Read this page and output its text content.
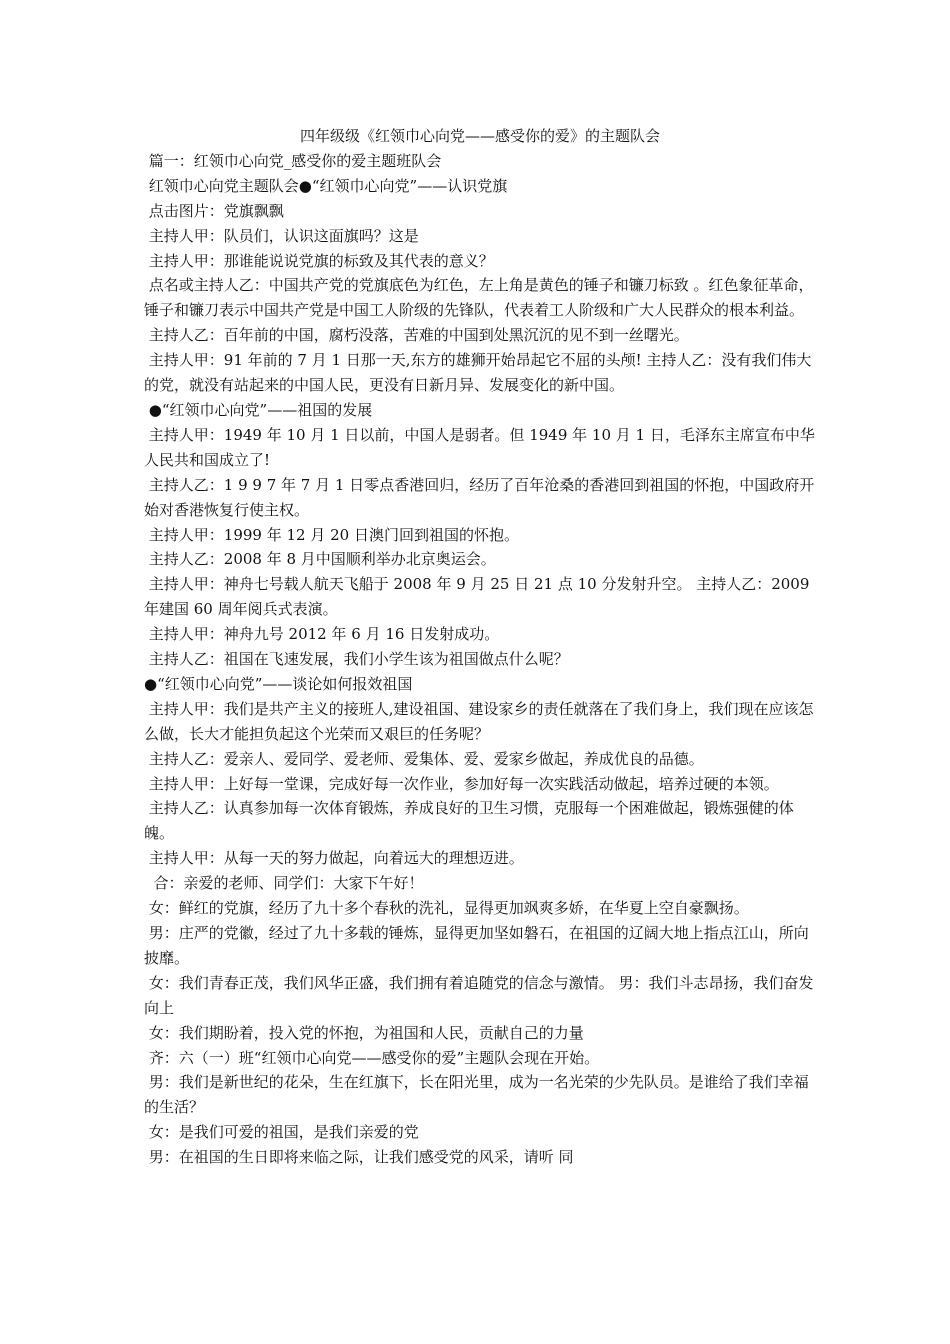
四年级级《红领巾心向党——感受你的爱》的主题队会

篇一：红领巾心向党_感受你的爱主题班队会

红领巾心向党主题队会●“红领巾心向党”——认识党旗

点击图片：党旗飘飘

主持人甲：队员们，认识这面旗吗？这是

主持人甲：那谁能说说党旗的标致及其代表的意义？

点名或主持人乙：中国共产党的党旗底色为红色，左上角是黄色的锤子和镰刀标致 。红色象征革命，锤子和镰刀表示中国共产党是中国工人阶级的先锋队，代表着工人阶级和广大人民群众的根本利益。

主持人乙：百年前的中国，腐朽没落，苦难的中国到处黑沉沉的见不到一丝曙光。

主持人甲：91 年前的 7 月 1 日那一天,东方的雄狮开始昂起它不屈的头颅! 主持人乙：没有我们伟大的党，就没有站起来的中国人民，更没有日新月异、发展变化的新中国。

●“红领巾心向党”——祖国的发展

主持人甲：1949 年 10 月 1 日以前，中国人是弱者。但 1949 年 10 月 1 日，毛泽东主席宣布中华人民共和国成立了!

主持人乙：1 9 9 7 年 7 月 1 日零点香港回归，经历了百年沧桑的香港回到祖国的怀抱，中国政府开始对香港恢复行使主权。

主持人甲：1999 年 12 月 20 日澳门回到祖国的怀抱。

主持人乙：2008 年 8 月中国顺利举办北京奥运会。

主持人甲：神舟七号载人航天飞船于 2008 年 9 月 25 日 21 点 10 分发射升空。 主持人乙：2009 年建国 60 周年阅兵式表演。

主持人甲：神舟九号 2012 年 6 月 16 日发射成功。

主持人乙：祖国在飞速发展，我们小学生该为祖国做点什么呢？

●“红领巾心向党”——谈论如何报效祖国

主持人甲：我们是共产主义的接班人,建设祖国、建设家乡的责任就落在了我们身上，我们现在应该怎么做，长大才能担负起这个光荣而又艰巨的任务呢？

主持人乙：爱亲人、爱同学、爱老师、爱集体、爱、爱家乡做起，养成优良的品德。

主持人甲：上好每一堂课，完成好每一次作业，参加好每一次实践活动做起，培养过硬的本领。

主持人乙：认真参加每一次体育锻炼，养成良好的卫生习惯，克服每一个困难做起，锻炼强健的体魄。

主持人甲：从每一天的努力做起，向着远大的理想迈进。

合：亲爱的老师、同学们：大家下午好！

女：鲜红的党旗，经历了九十多个春秋的洗礼，显得更加飒爽多娇，在华夏上空自豪飘扬。

男：庄严的党徽，经过了九十多载的锤炼，显得更加坚如磐石，在祖国的辽阔大地上指点江山，所向披靡。

女：我们青春正茂，我们风华正盛，我们拥有着追随党的信念与激情。 男：我们斗志昂扬，我们奋发向上

女：我们期盼着，投入党的怀抱，为祖国和人民，贡献自己的力量

齐：六（一）班“红领巾心向党——感受你的爱”主题队会现在开始。

男：我们是新世纪的花朵，生在红旗下，长在阳光里，成为一名光荣的少先队员。是谁给了我们幸福的生活？

女：是我们可爱的祖国，是我们亲爱的党

男：在祖国的生日即将来临之际，让我们感受党的风采，请听 同
